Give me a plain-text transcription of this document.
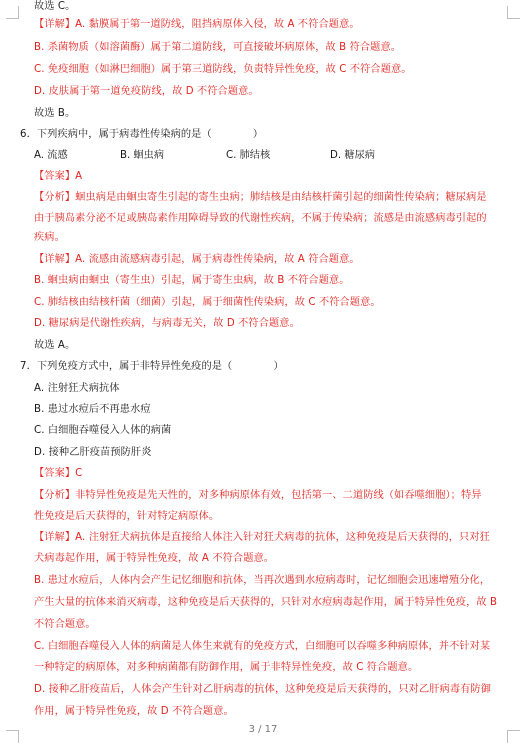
【详解】A. 黏膜属于第一道防线，阻挡病原体入侵，故 A 不符合题意。
B. 杀菌物质（如溶菌酶）属于第二道防线，可直接破坏病原体，故 B 符合题意。
C. 免疫细胞（如淋巴细胞）属于第三道防线，负责特异性免疫，故 C 不符合题意。
D. 皮肤属于第一道免疫防线，故 D 不符合题意。
故选 B。
6．下列疾病中，属于病毒性传染病的是（　　　　）
A. 流感	B. 蛔虫病	C. 肺结核	D. 糖尿病
【答案】A
【分析】蛔虫病是由蛔虫寄生引起的寄生虫病；肺结核是由结核杆菌引起的细菌性传染病；糖尿病是
由于胰岛素分泌不足或胰岛素作用障碍导致的代谢性疾病，不属于传染病；流感是由流感病毒引起的
疾病。
【详解】A. 流感由流感病毒引起，属于病毒性传染病，故 A 符合题意。
B. 蛔虫病由蛔虫（寄生虫）引起，属于寄生虫病，故 B 不符合题意。
C. 肺结核由结核杆菌（细菌）引起，属于细菌性传染病，故 C 不符合题意。
D. 糖尿病是代谢性疾病，与病毒无关，故 D 不符合题意。
故选 A。
7．下列免疫方式中，属于非特异性免疫的是（　　　　）
A. 注射狂犬病抗体
B. 患过水痘后不再患水痘
C. 白细胞吞噬侵入人体的病菌
D. 接种乙肝疫苗预防肝炎
【答案】C
【分析】非特异性免疫是先天性的，对多种病原体有效，包括第一、二道防线（如吞噬细胞）；特异
性免疫是后天获得的，针对特定病原体。
【详解】A. 注射狂犬病抗体是直接给人体注入针对狂犬病毒的抗体，这种免疫是后天获得的，只对狂
犬病毒起作用，属于特异性免疫，故 A 不符合题意。
B. 患过水痘后，人体内会产生记忆细胞和抗体，当再次遇到水痘病毒时，记忆细胞会迅速增殖分化，
产生大量的抗体来消灭病毒，这种免疫是后天获得的，只针对水痘病毒起作用，属于特异性免疫，故 B
不符合题意。
C. 白细胞吞噬侵入人体的病菌是人体生来就有的免疫方式，白细胞可以吞噬多种病原体，并不针对某
一种特定的病原体，对多种病菌都有防御作用，属于非特异性免疫，故 C 符合题意。
D. 接种乙肝疫苗后，人体会产生针对乙肝病毒的抗体，这种免疫是后天获得的，只对乙肝病毒有防御
作用，属于特异性免疫，故 D 不符合题意。
故选 C。
3 / 17
